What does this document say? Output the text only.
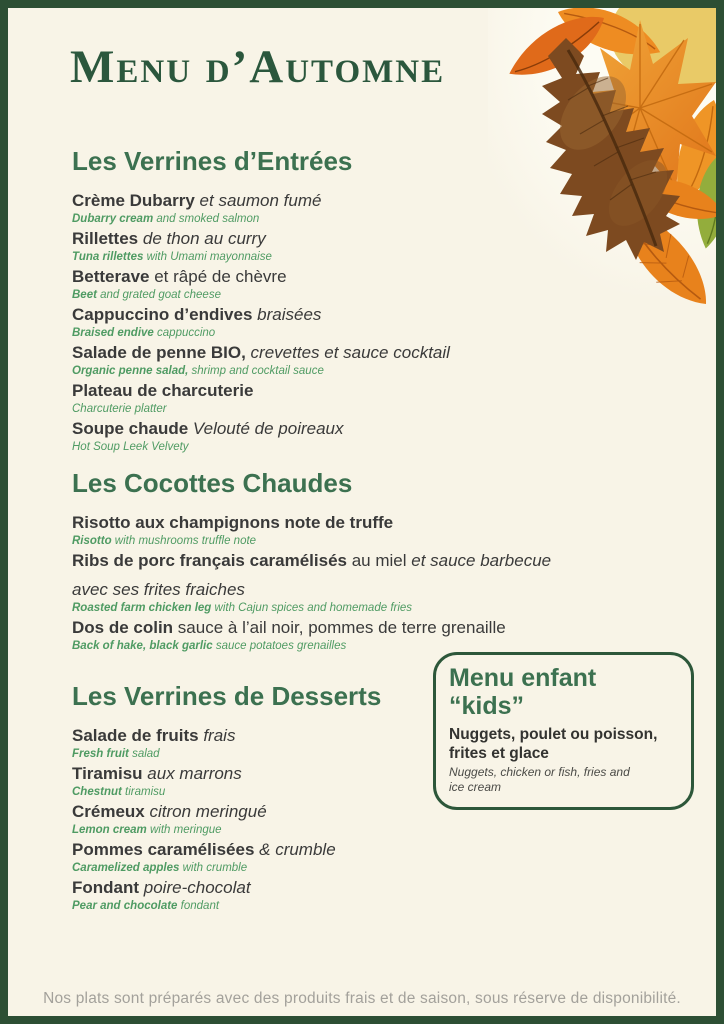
Menu d’Automne
Les Verrines d’Entrées

Crème Dubarry et saumon fumé

Dubarry cream and smoked salmon

Rillettes de thon au curry

Tuna rillettes with Umami mayonnaise

Betterave et râpé de chèvre

Beet and grated goat cheese

Cappuccino d’endives braisées

Braised endive cappuccino

Salade de penne BIO, crevettes et sauce cocktail

Organic penne salad, shrimp and cocktail sauce

Plateau de charcuterie

Charcuterie platter

Soupe chaude Velouté de poireaux

Hot Soup Leek Velvety

Les Cocottes Chaudes

Risotto aux champignons note de truffe

Risotto with mushrooms truffle note

Ribs de porc français caramélisés au miel et sauce barbecue

avec ses frites fraiches

Roasted farm chicken leg with Cajun spices and homemade fries

Dos de colin sauce à l’ail noir, pommes de terre grenaille

Back of hake, black garlic sauce potatoes grenailles

Les Verrines de Desserts

Salade de fruits frais

Fresh fruit salad

Tiramisu aux marrons

Chestnut tiramisu

Crémeux citron meringué

Lemon cream with meringue

Pommes caramélisées & crumble

Caramelized apples with crumble

Fondant poire-chocolat

Pear and chocolate fondant

Menu enfant “kids”

Nuggets, poulet ou poisson, frites et glace

Nuggets, chicken or fish, fries and ice cream

Nos plats sont préparés avec des produits frais et de saison, sous réserve de disponibilité.
